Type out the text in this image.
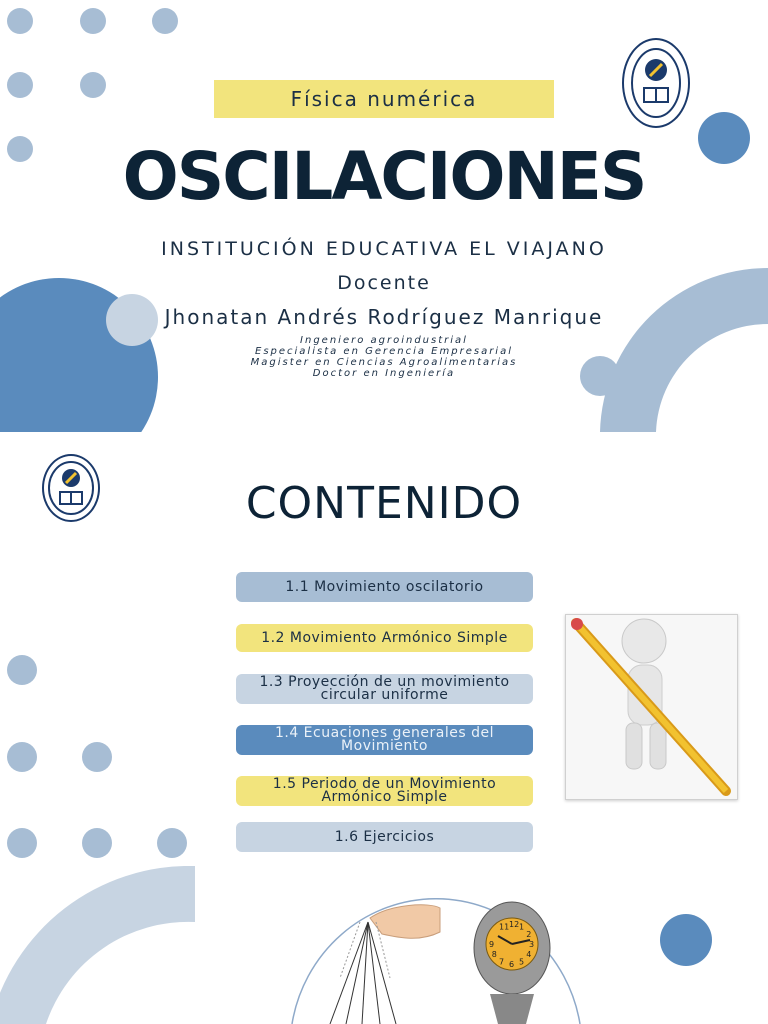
Física numérica
OSCILACIONES
INSTITUCIÓN EDUCATIVA EL VIAJANO
Docente
Jhonatan Andrés Rodríguez Manrique
Ingeniero agroindustrial
Especialista en Gerencia Empresarial
Magister en Ciencias Agroalimentarias
Doctor en Ingeniería
CONTENIDO
1.1 Movimiento oscilatorio
1.2 Movimiento Armónico Simple
1.3 Proyección de un movimiento
circular uniforme
1.4 Ecuaciones generales del
Movimiento
1.5 Periodo de un Movimiento
Armónico Simple
1.6 Ejercicios
11 12 1
2
3
4
5
6
7
8
9
